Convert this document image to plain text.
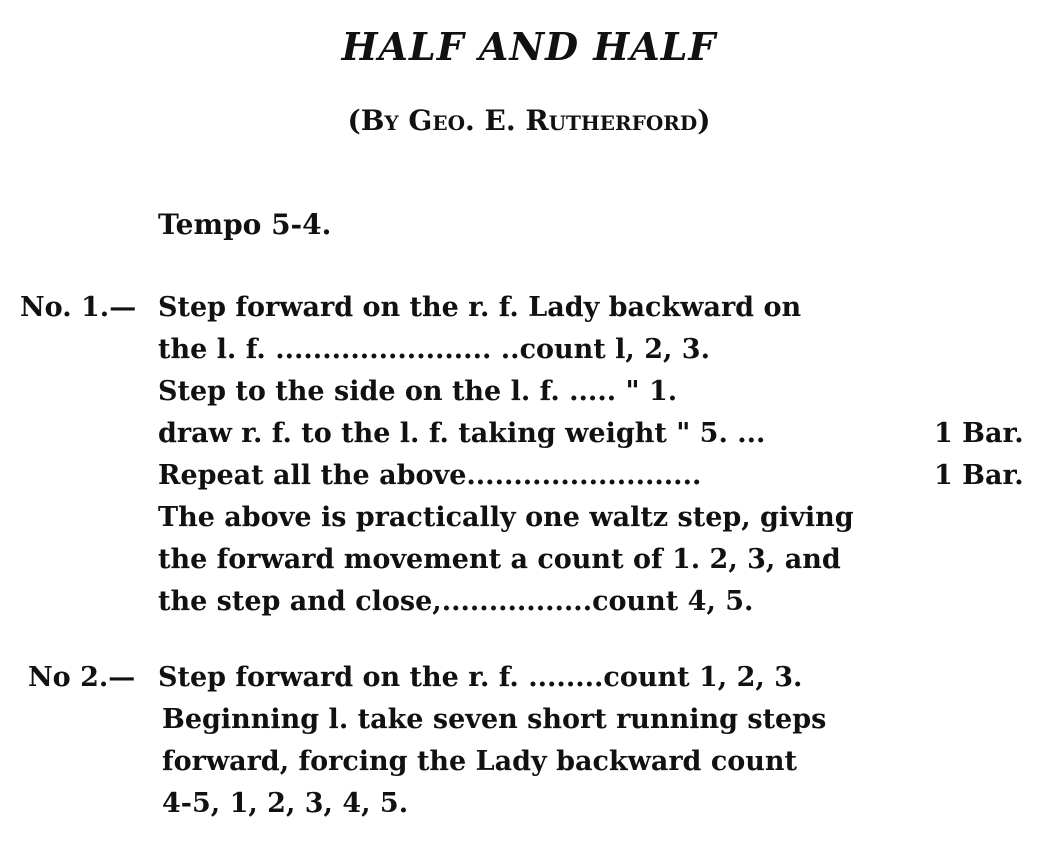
HALF AND HALF
(By Geo. E. Rutherford)
Tempo 5-4.
No. 1.— Step forward on the r. f. Lady backward on
the l. f. ....................... ..count l, 2, 3.
Step to the side on the l. f. ..... " 1.
draw r. f. to the l. f. taking weight " 5. ...	1 Bar.
Repeat all the above.........................	1 Bar.
The above is practically one waltz step, giving
the forward movement a count of 1. 2, 3, and
the step and close,................count 4, 5.
No 2.— Step forward on the r. f. ........count 1, 2, 3.
Beginning l. take seven short running steps
forward, forcing the Lady backward count
4-5, 1, 2, 3, 4, 5.
